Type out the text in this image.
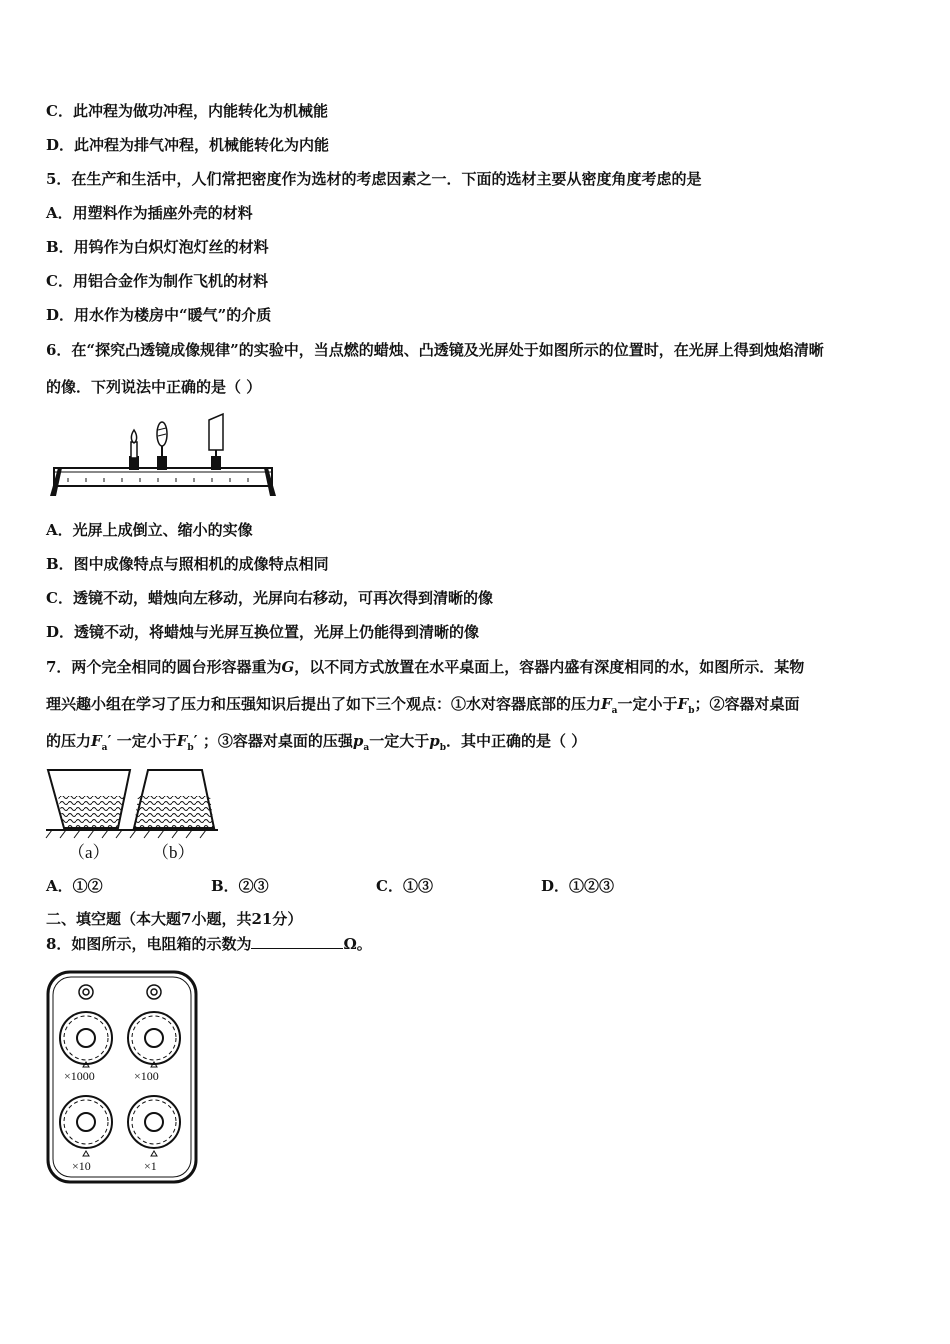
C．此冲程为做功冲程，内能转化为机械能
D．此冲程为排气冲程，机械能转化为内能
5．在生产和生活中，人们常把密度作为选材的考虑因素之一．下面的选材主要从密度角度考虑的是
A．用塑料作为插座外壳的材料
B．用钨作为白炽灯泡灯丝的材料
C．用铝合金作为制作飞机的材料
D．用水作为楼房中“暖气”的介质
6．在“探究凸透镜成像规律”的实验中，当点燃的蜡烛、凸透镜及光屏处于如图所示的位置时，在光屏上得到烛焰清晰
的像．下列说法中正确的是（ ）
A．光屏上成倒立、缩小的实像
B．图中成像特点与照相机的成像特点相同
C．透镜不动，蜡烛向左移动，光屏向右移动，可再次得到清晰的像
D．透镜不动，将蜡烛与光屏互换位置，光屏上仍能得到清晰的像
7．两个完全相同的圆台形容器重为G，以不同方式放置在水平桌面上，容器内盛有深度相同的水，如图所示．某物
理兴趣小组在学习了压力和压强知识后提出了如下三个观点：①水对容器底部的压力$F_a$一定小于$F_b$；②容器对桌面
的压力$F_a'$ 一定小于$F_b'$ ；③容器对桌面的压强$p_a$一定大于$p_b$．其中正确的是（ ）
（a） （b）
A．①②	B．②③	C．①③	D．①②③
二、填空题（本大题7小题，共21分）
8．如图所示，电阻箱的示数为	Ω。
×1000	×100
×10	×1
